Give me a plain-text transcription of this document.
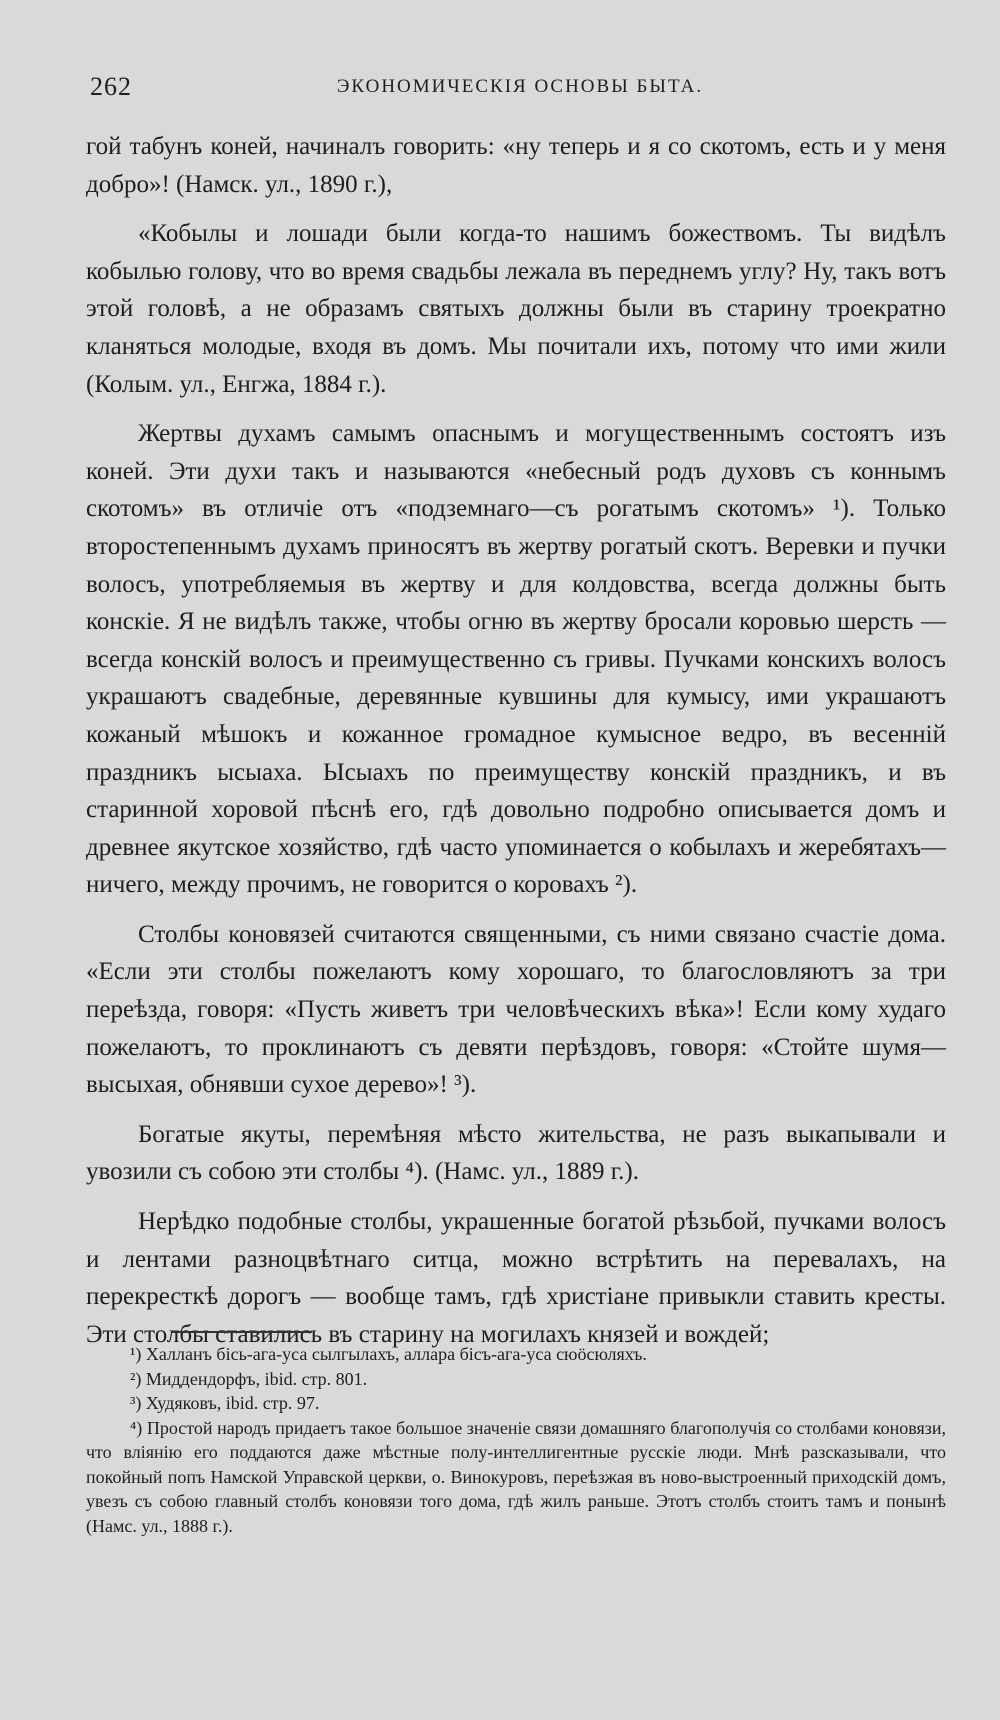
262	ЭКОНОМИЧЕСКІЯ ОСНОВЫ БЫТА.

гой табунъ коней, начиналъ говорить: «ну теперь и я со скотомъ, есть и у меня добро»! (Намск. ул., 1890 г.),

«Кобылы и лошади были когда-то нашимъ божествомъ. Ты видѣлъ кобылью голову, что во время свадьбы лежала въ переднемъ углу? Ну, такъ вотъ этой головѣ, а не образамъ святыхъ должны были въ старину троекратно кланяться молодые, входя въ домъ. Мы почитали ихъ, потому что ими жили (Колым. ул., Енгжа, 1884 г.).

Жертвы духамъ самымъ опаснымъ и могущественнымъ состоятъ изъ коней. Эти духи такъ и называются «небесный родъ духовъ съ коннымъ скотомъ» въ отличіе отъ «подземнаго—съ рогатымъ скотомъ» ¹). Только второстепеннымъ духамъ приносятъ въ жертву рогатый скотъ. Веревки и пучки волосъ, употребляемыя въ жертву и для колдовства, всегда должны быть конскіе. Я не видѣлъ также, чтобы огню въ жертву бросали коровью шерсть — всегда конскій волосъ и преимущественно съ гривы. Пучками конскихъ волосъ украшаютъ свадебные, деревянные кувшины для кумысу, ими украшаютъ кожаный мѣшокъ и кожанное громадное кумысное ведро, въ весенній праздникъ ысыаха. Ысыахъ по преимуществу конскій праздникъ, и въ старинной хоровой пѣснѣ его, гдѣ довольно подробно описывается домъ и древнее якутское хозяйство, гдѣ часто упоминается о кобылахъ и жеребятахъ—ничего, между прочимъ, не говорится о коровахъ ²).

Столбы коновязей считаются священными, съ ними связано счастіе дома. «Если эти столбы пожелаютъ кому хорошаго, то благословляютъ за три переѣзда, говоря: «Пусть живетъ три человѣческихъ вѣка»! Если кому худаго пожелаютъ, то проклинаютъ съ девяти перѣздовъ, говоря: «Стойте шумя—высыхая, обнявши сухое дерево»! ³).

Богатые якуты, перемѣняя мѣсто жительства, не разъ выкапывали и увозили съ собою эти столбы ⁴). (Намс. ул., 1889 г.).

Нерѣдко подобные столбы, украшенные богатой рѣзьбой, пучками волосъ и лентами разноцвѣтнаго ситца, можно встрѣтить на перевалахъ, на перекресткѣ дорогъ — вообще тамъ, гдѣ христіане привыкли ставить кресты. Эти столбы ставились въ старину на могилахъ князей и вождей;

¹) Халланъ бісь-ага-уса сылгылахъ, аллара бісъ-ага-уса сюöсюляхъ.

²) Миддендорфъ, ibid. стр. 801.

³) Худяковъ, ibid. стр. 97.

⁴) Простой народъ придаетъ такое большое значеніе связи домашняго благополучія со столбами коновязи, что вліянію его поддаются даже мѣстные полу-интеллигентные русскіе люди. Мнѣ разсказывали, что покойный попъ Намской Управской церкви, о. Винокуровъ, переѣзжая въ ново-выстроенный приходскій домъ, увезъ съ собою главный столбъ коновязи того дома, гдѣ жилъ раньше. Этотъ столбъ стоитъ тамъ и понынѣ (Намс. ул., 1888 г.).
